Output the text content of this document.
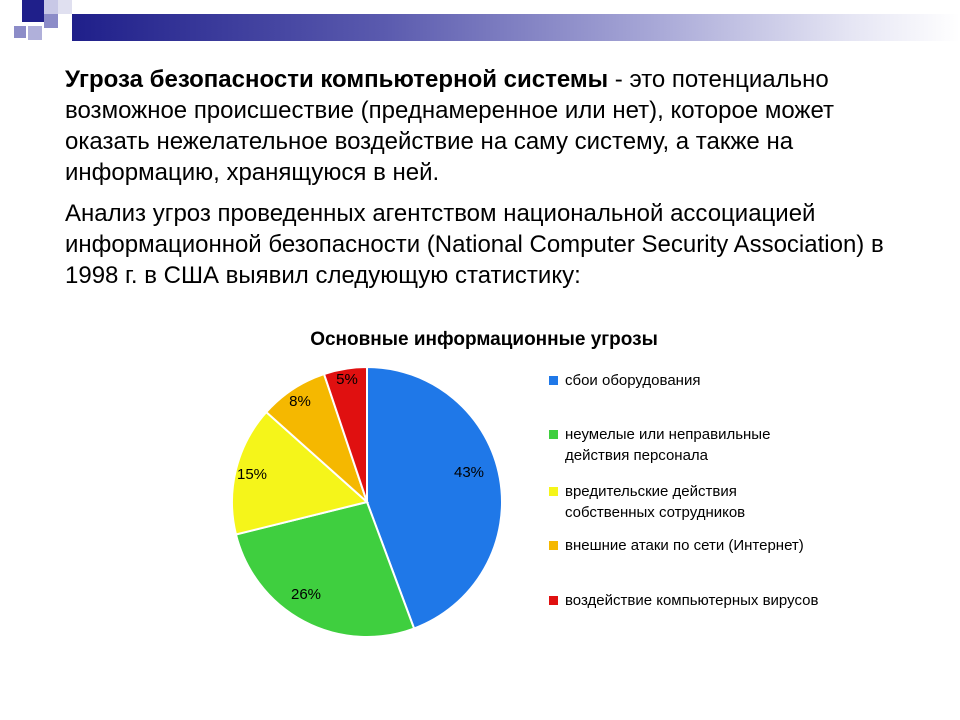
Угроза безопасности компьютерной системы - это потенциально возможное происшествие (преднамеренное или нет), которое может оказать нежелательное воздействие на саму систему, а также на информацию, хранящуюся в ней.

Анализ угроз проведенных агентством национальной ассоциацией информационной безопасности (National Computer Security Association) в 1998 г. в США выявил следующую статистику:

Основные информационные угрозы
43%
26%
15%
8%
5%	сбои оборудования
неумелые или неправильные
действия персонала
вредительские действия
собственных сотрудников
внешние атаки по сети (Интернет)
воздействие компьютерных вирусов
